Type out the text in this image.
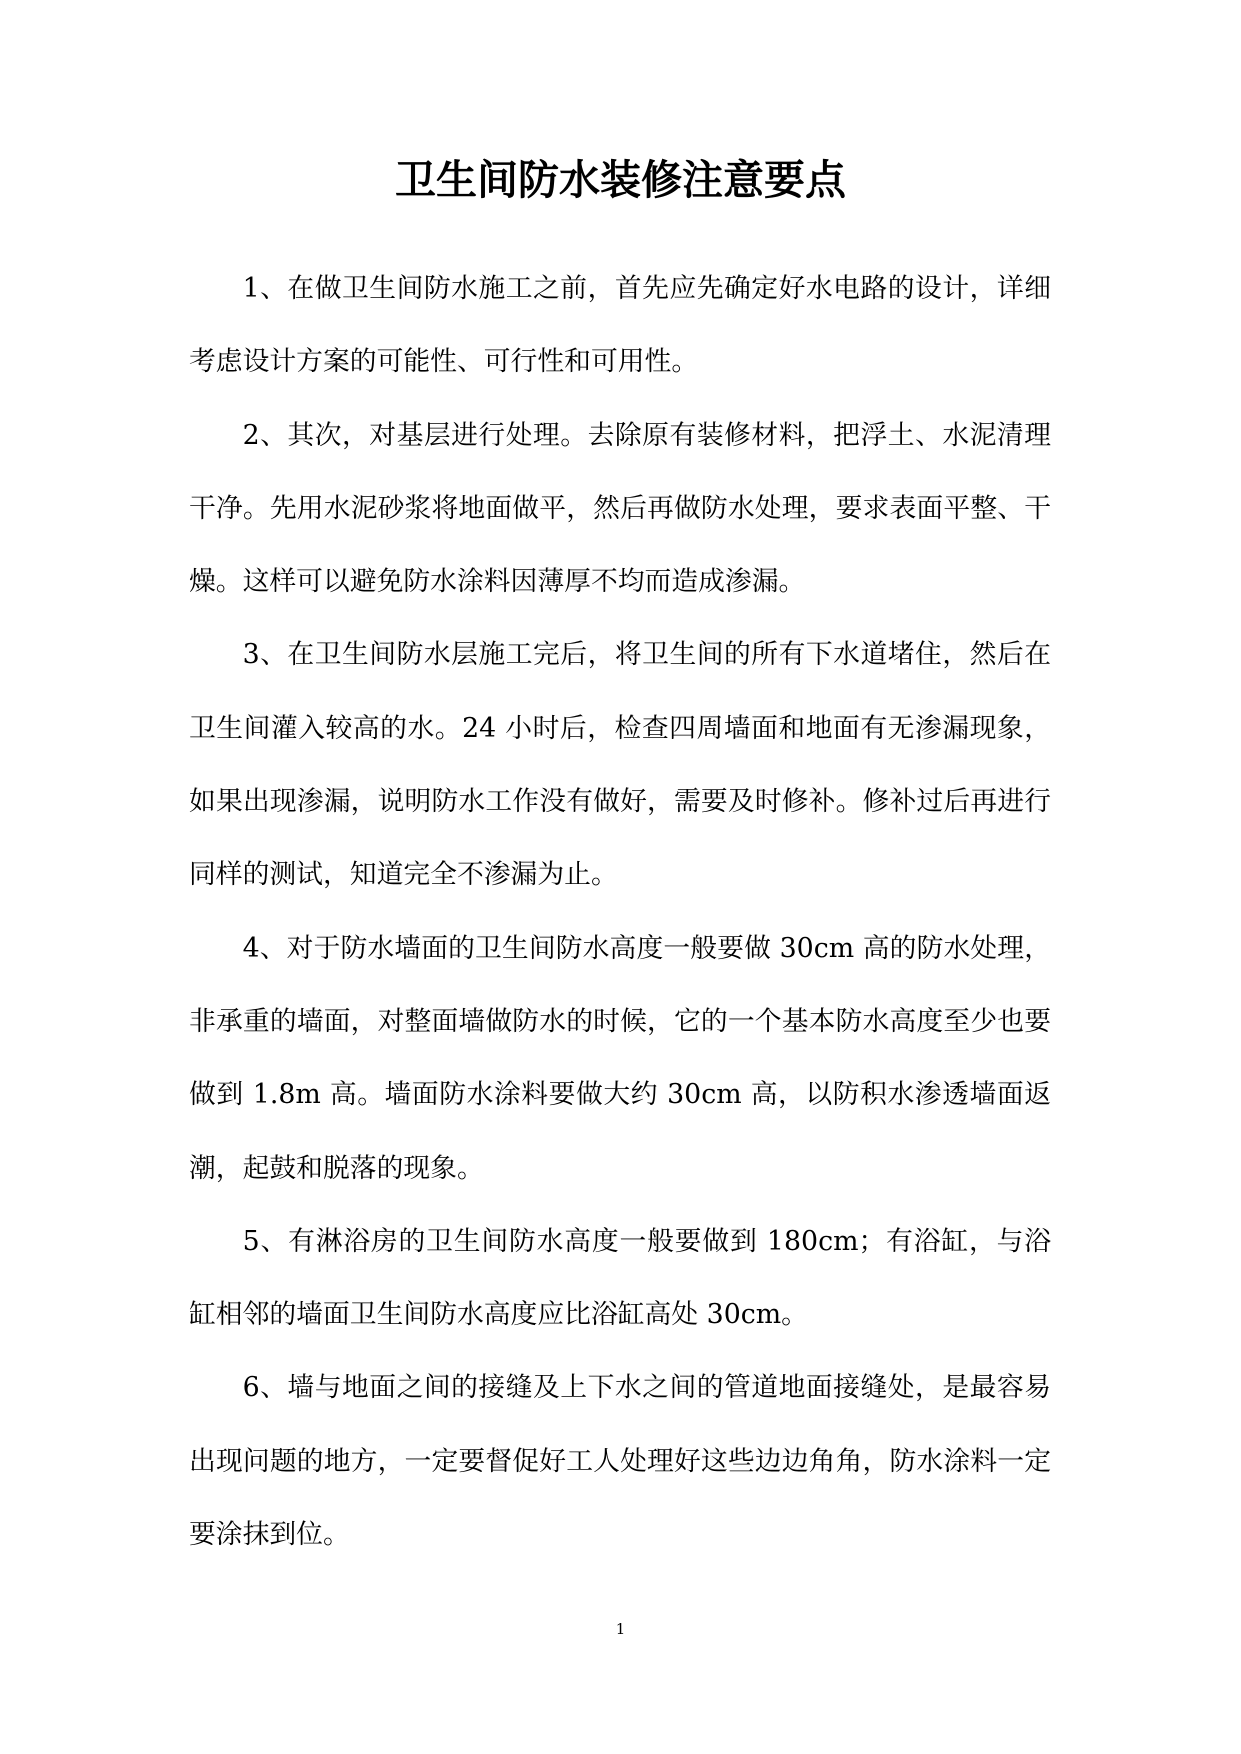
卫生间防水装修注意要点

1、在做卫生间防水施工之前，首先应先确定好水电路的设计，详细考虑设计方案的可能性、可行性和可用性。

2、其次，对基层进行处理。去除原有装修材料，把浮土、水泥清理干净。先用水泥砂浆将地面做平，然后再做防水处理，要求表面平整、干燥。这样可以避免防水涂料因薄厚不均而造成渗漏。

3、在卫生间防水层施工完后，将卫生间的所有下水道堵住，然后在卫生间灌入较高的水。24 小时后，检查四周墙面和地面有无渗漏现象，如果出现渗漏，说明防水工作没有做好，需要及时修补。修补过后再进行同样的测试，知道完全不渗漏为止。

4、对于防水墙面的卫生间防水高度一般要做 30cm 高的防水处理，非承重的墙面，对整面墙做防水的时候，它的一个基本防水高度至少也要做到 1.8m 高。墙面防水涂料要做大约 30cm 高，以防积水渗透墙面返潮，起鼓和脱落的现象。

5、有淋浴房的卫生间防水高度一般要做到 180cm；有浴缸，与浴缸相邻的墙面卫生间防水高度应比浴缸高处 30cm。

6、墙与地面之间的接缝及上下水之间的管道地面接缝处，是最容易出现问题的地方，一定要督促好工人处理好这些边边角角，防水涂料一定要涂抹到位。

1
